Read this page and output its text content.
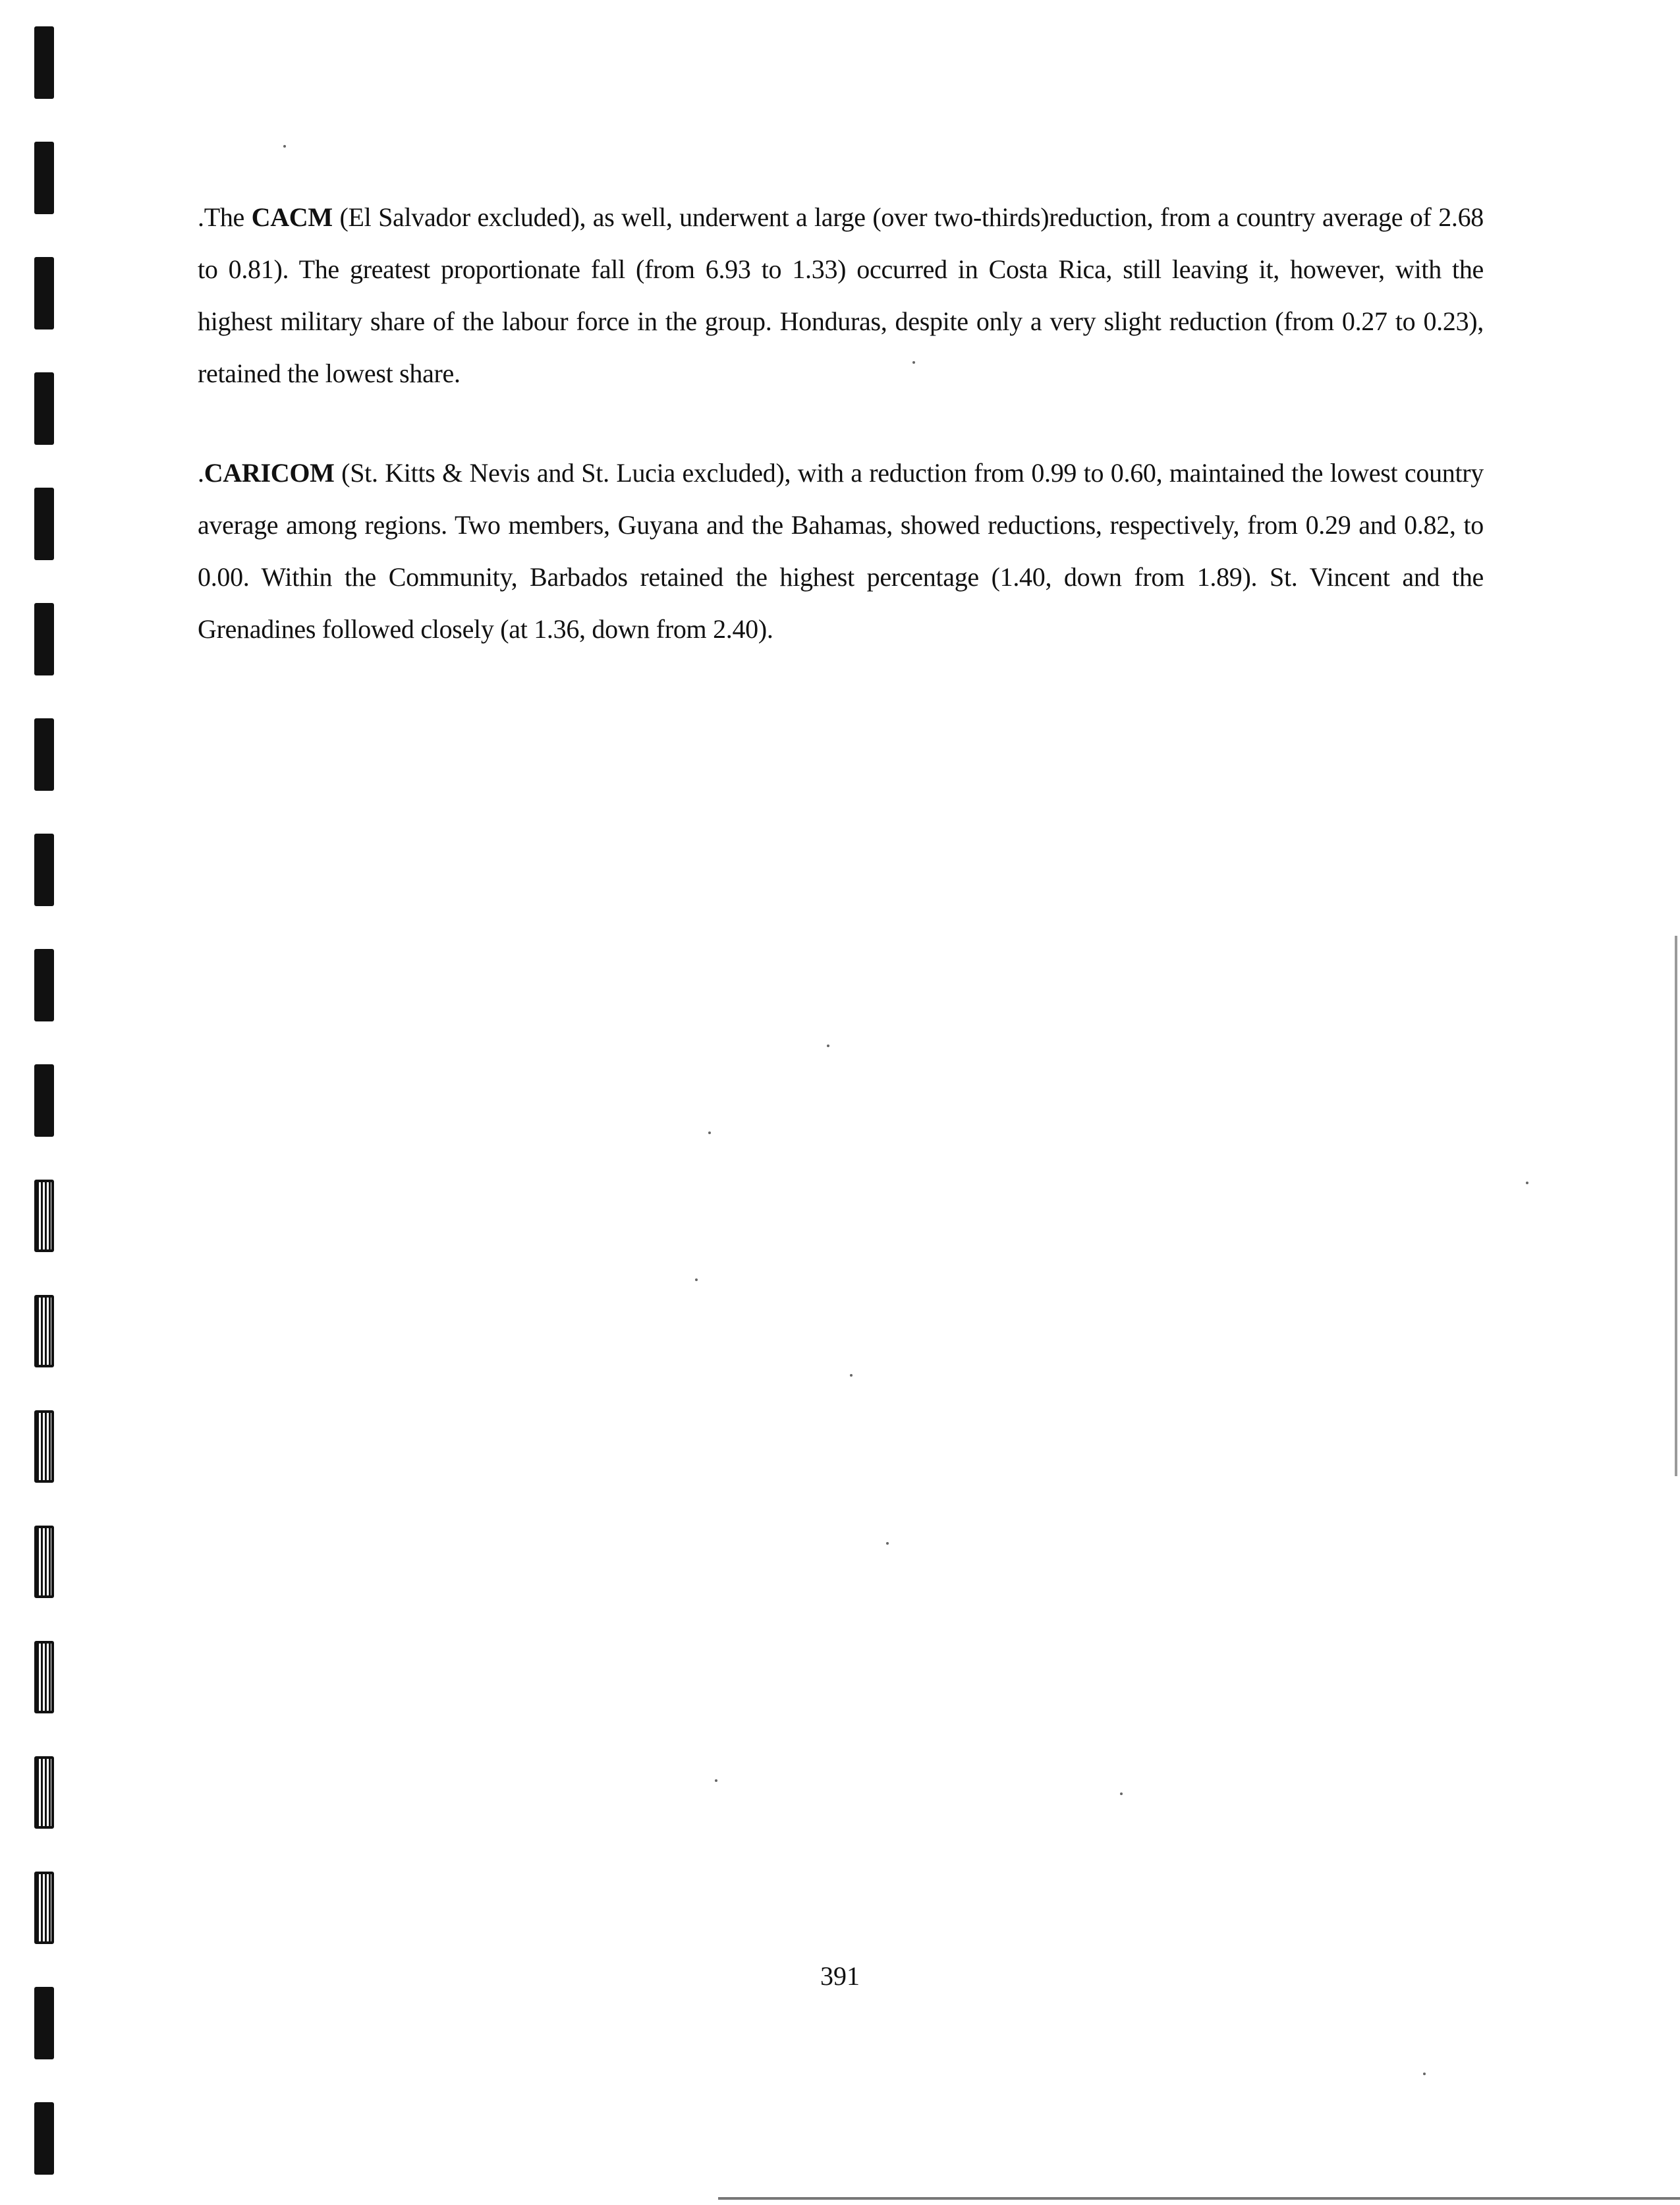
.The CACM (El Salvador excluded), as well, underwent a large (over two-thirds)reduction, from a country average of 2.68 to 0.81). The greatest proportionate fall (from 6.93 to 1.33) occurred in Costa Rica, still leaving it, however, with the highest military share of the labour force in the group. Honduras, despite only a very slight reduction (from 0.27 to 0.23), retained the lowest share.

.CARICOM (St. Kitts & Nevis and St. Lucia excluded), with a reduction from 0.99 to 0.60, maintained the lowest country average among regions. Two members, Guyana and the Bahamas, showed reductions, respectively, from 0.29 and 0.82, to 0.00. Within the Community, Barbados retained the highest percentage (1.40, down from 1.89). St. Vincent and the Grenadines followed closely (at 1.36, down from 2.40).

391
